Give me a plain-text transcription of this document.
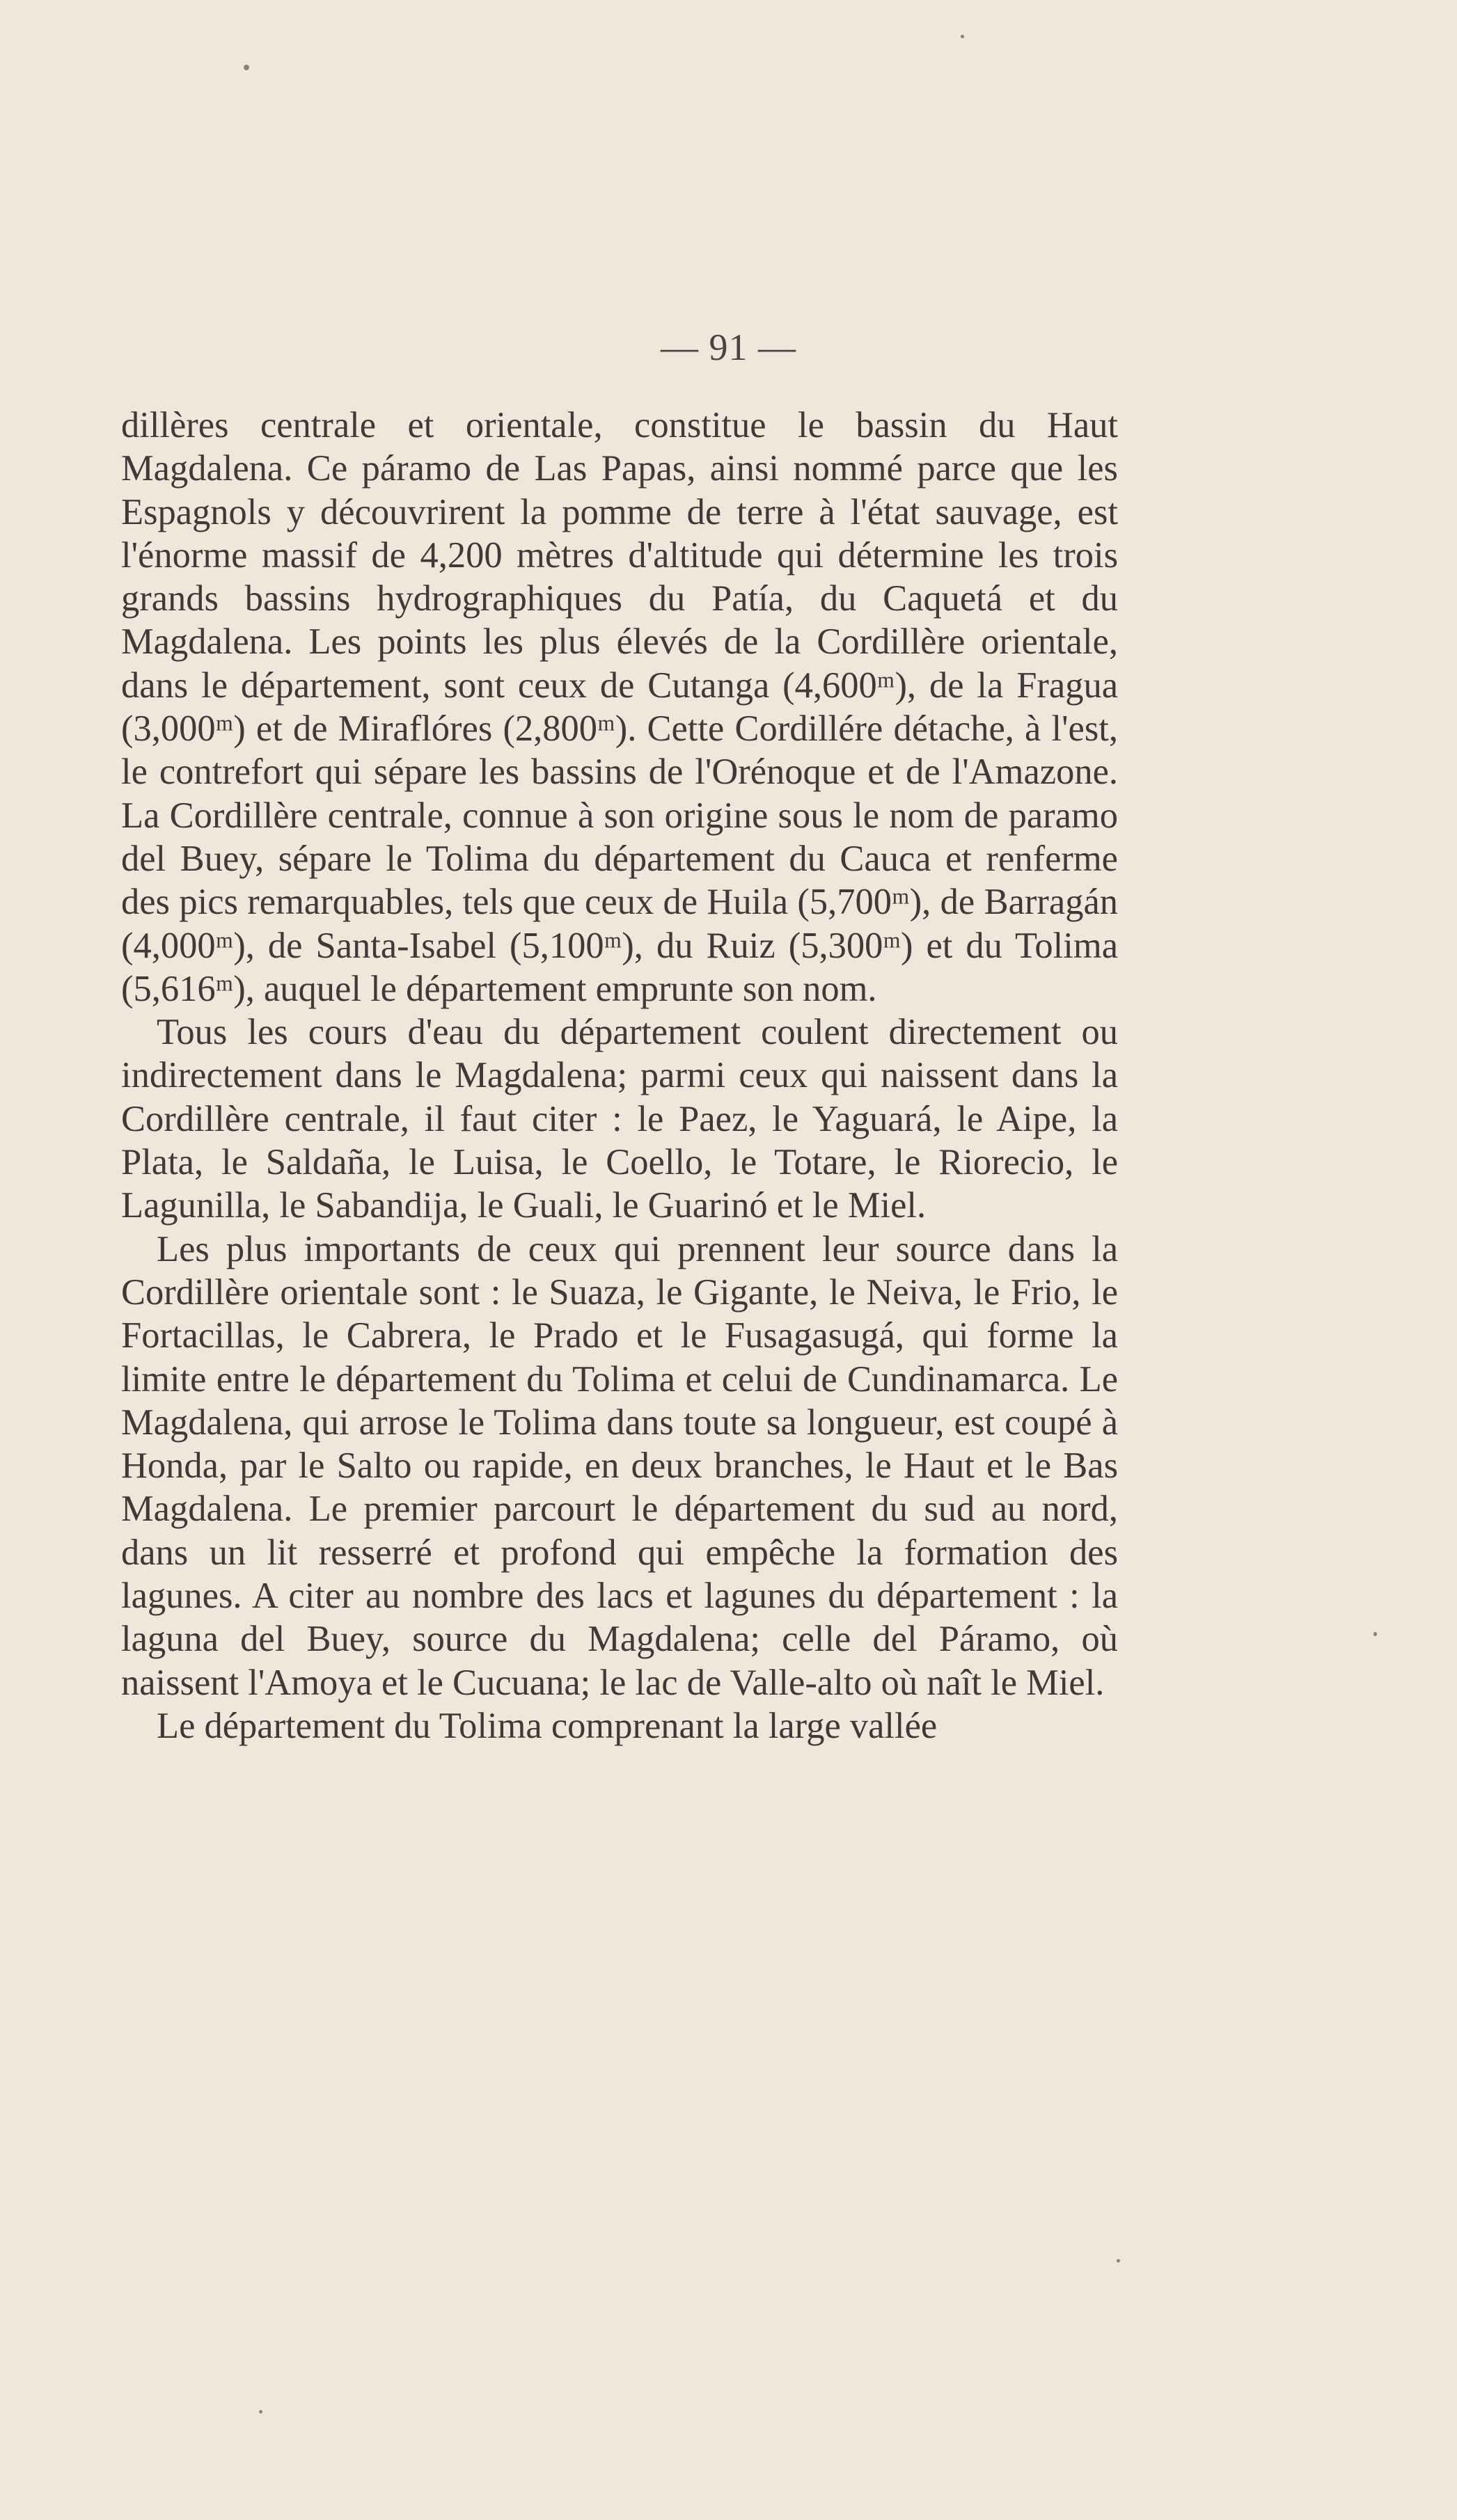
— 91 —

dillères centrale et orientale, constitue le bassin du Haut Magdalena. Ce páramo de Las Papas, ainsi nommé parce que les Espagnols y découvrirent la pomme de terre à l'état sauvage, est l'énorme massif de 4,200 mètres d'altitude qui détermine les trois grands bassins hydrographiques du Patía, du Caquetá et du Magdalena. Les points les plus élevés de la Cordillère orientale, dans le département, sont ceux de Cutanga (4,600ᵐ), de la Fragua (3,000ᵐ) et de Miraflóres (2,800ᵐ). Cette Cordillére détache, à l'est, le contrefort qui sépare les bassins de l'Orénoque et de l'Amazone. La Cordillère centrale, connue à son origine sous le nom de paramo del Buey, sépare le Tolima du département du Cauca et renferme des pics remarquables, tels que ceux de Huila (5,700ᵐ), de Barragán (4,000ᵐ), de Santa-Isabel (5,100ᵐ), du Ruiz (5,300ᵐ) et du Tolima (5,616ᵐ), auquel le département emprunte son nom.

Tous les cours d'eau du département coulent directement ou indirectement dans le Magdalena; parmi ceux qui naissent dans la Cordillère centrale, il faut citer : le Paez, le Yaguará, le Aipe, la Plata, le Saldaña, le Luisa, le Coello, le Totare, le Riorecio, le Lagunilla, le Sabandija, le Guali, le Guarinó et le Miel.

Les plus importants de ceux qui prennent leur source dans la Cordillère orientale sont : le Suaza, le Gigante, le Neiva, le Frio, le Fortacillas, le Cabrera, le Prado et le Fusagasugá, qui forme la limite entre le département du Tolima et celui de Cundinamarca. Le Magdalena, qui arrose le Tolima dans toute sa longueur, est coupé à Honda, par le Salto ou rapide, en deux branches, le Haut et le Bas Magdalena. Le premier parcourt le département du sud au nord, dans un lit resserré et profond qui empêche la formation des lagunes. A citer au nombre des lacs et lagunes du département : la laguna del Buey, source du Magdalena; celle del Páramo, où naissent l'Amoya et le Cucuana; le lac de Valle-alto où naît le Miel.

Le département du Tolima comprenant la large vallée
